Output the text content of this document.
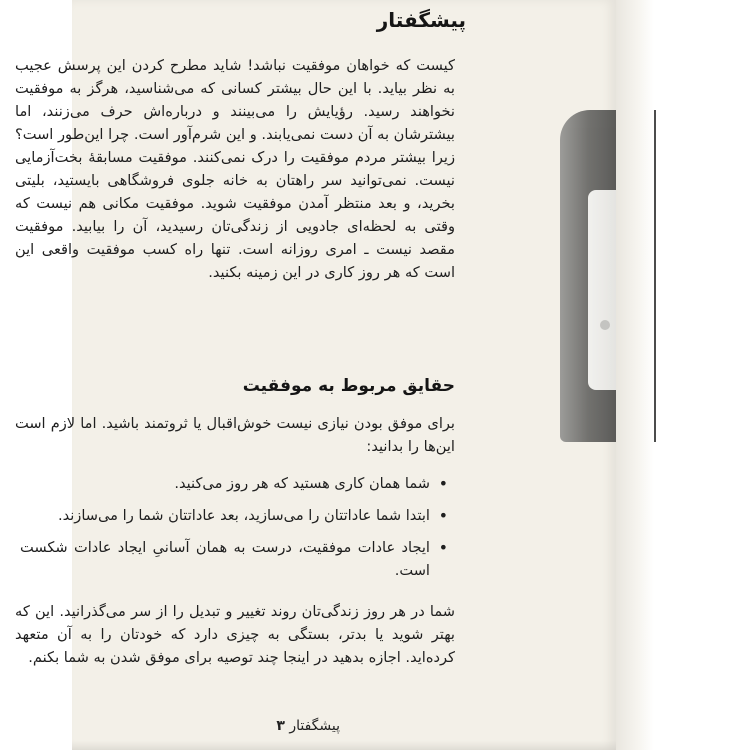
پیشگفتار
کیست که خواهان موفقیت نباشد! شاید مطرح کردن این پرسش عجیب به نظر بیاید. با این حال بیشتر کسانی که می‌شناسید، هرگز به موفقیت نخواهند رسید. رؤیایش را می‌بینند و درباره‌اش حرف می‌زنند، اما بیشترشان به آن دست نمی‌یابند. و این شرم‌آور است. چرا این‌طور است؟ زیرا بیشتر مردم موفقیت را درک نمی‌کنند. موفقیت مسابقهٔ بخت‌آزمایی نیست. نمی‌توانید سر راهتان به خانه جلوی فروشگاهی بایستید، بلیتی بخرید، و بعد منتظر آمدن موفقیت شوید. موفقیت مکانی هم نیست که وقتی به لحظه‌ای جادویی از زندگی‌تان رسیدید، آن را بیابید. موفقیت مقصد نیست ـ امری روزانه است. تنها راه کسب موفقیت واقعی این است که هر روز کاری در این زمینه بکنید.
حقایق مربوط به موفقیت
برای موفق بودن نیازی نیست خوش‌اقبال یا ثروتمند باشید. اما لازم است این‌ها را بدانید:
• شما همان کاری هستید که هر روز می‌کنید.
• ابتدا شما عاداتتان را می‌سازید، بعد عاداتتان شما را می‌سازند.
• ایجاد عادات موفقیت، درست به همان آسانیِ ایجاد عادات شکست است.
شما در هر روز زندگی‌تان روند تغییر و تبدیل را از سر می‌گذرانید. این که بهتر شوید یا بدتر، بستگی به چیزی دارد که خودتان را به آن متعهد کرده‌اید. اجازه بدهید در اینجا چند توصیه برای موفق شدن به شما بکنم.
پیشگفتار ۳
